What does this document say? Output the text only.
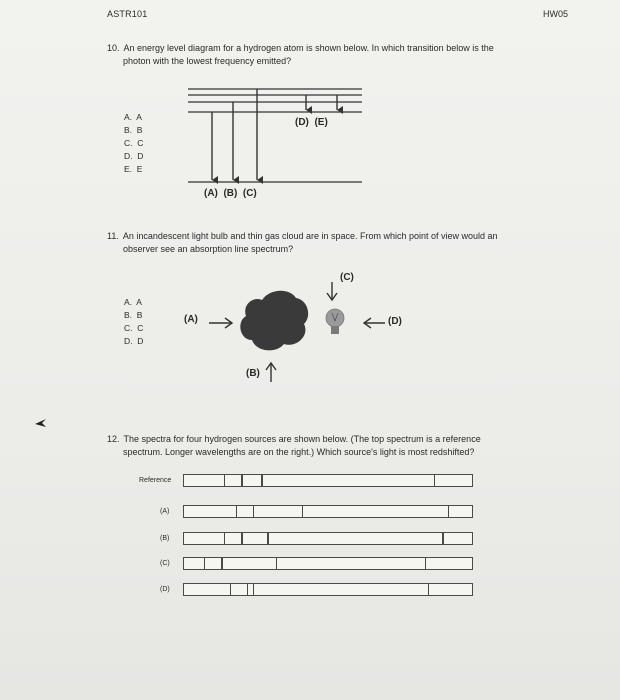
ASTR101	HW05
10. An energy level diagram for a hydrogen atom is shown below. In which transition below is the
photon with the lowest frequency emitted?
A.  A
B.  B
C.  C
D.  D
E.  E
(D)  (E)
(A)  (B)  (C)
11. An incandescent light bulb and thin gas cloud are in space. From which point of view would an
observer see an absorption line spectrum?
A.  A
B.  B
C.  C
D.  D
(A)
(C)
(D)
(B)
12. The spectra for four hydrogen sources are shown below. (The top spectrum is a reference
spectrum. Longer wavelengths are on the right.) Which source's light is most redshifted?
Reference
(A)
(B)
(C)
(D)
